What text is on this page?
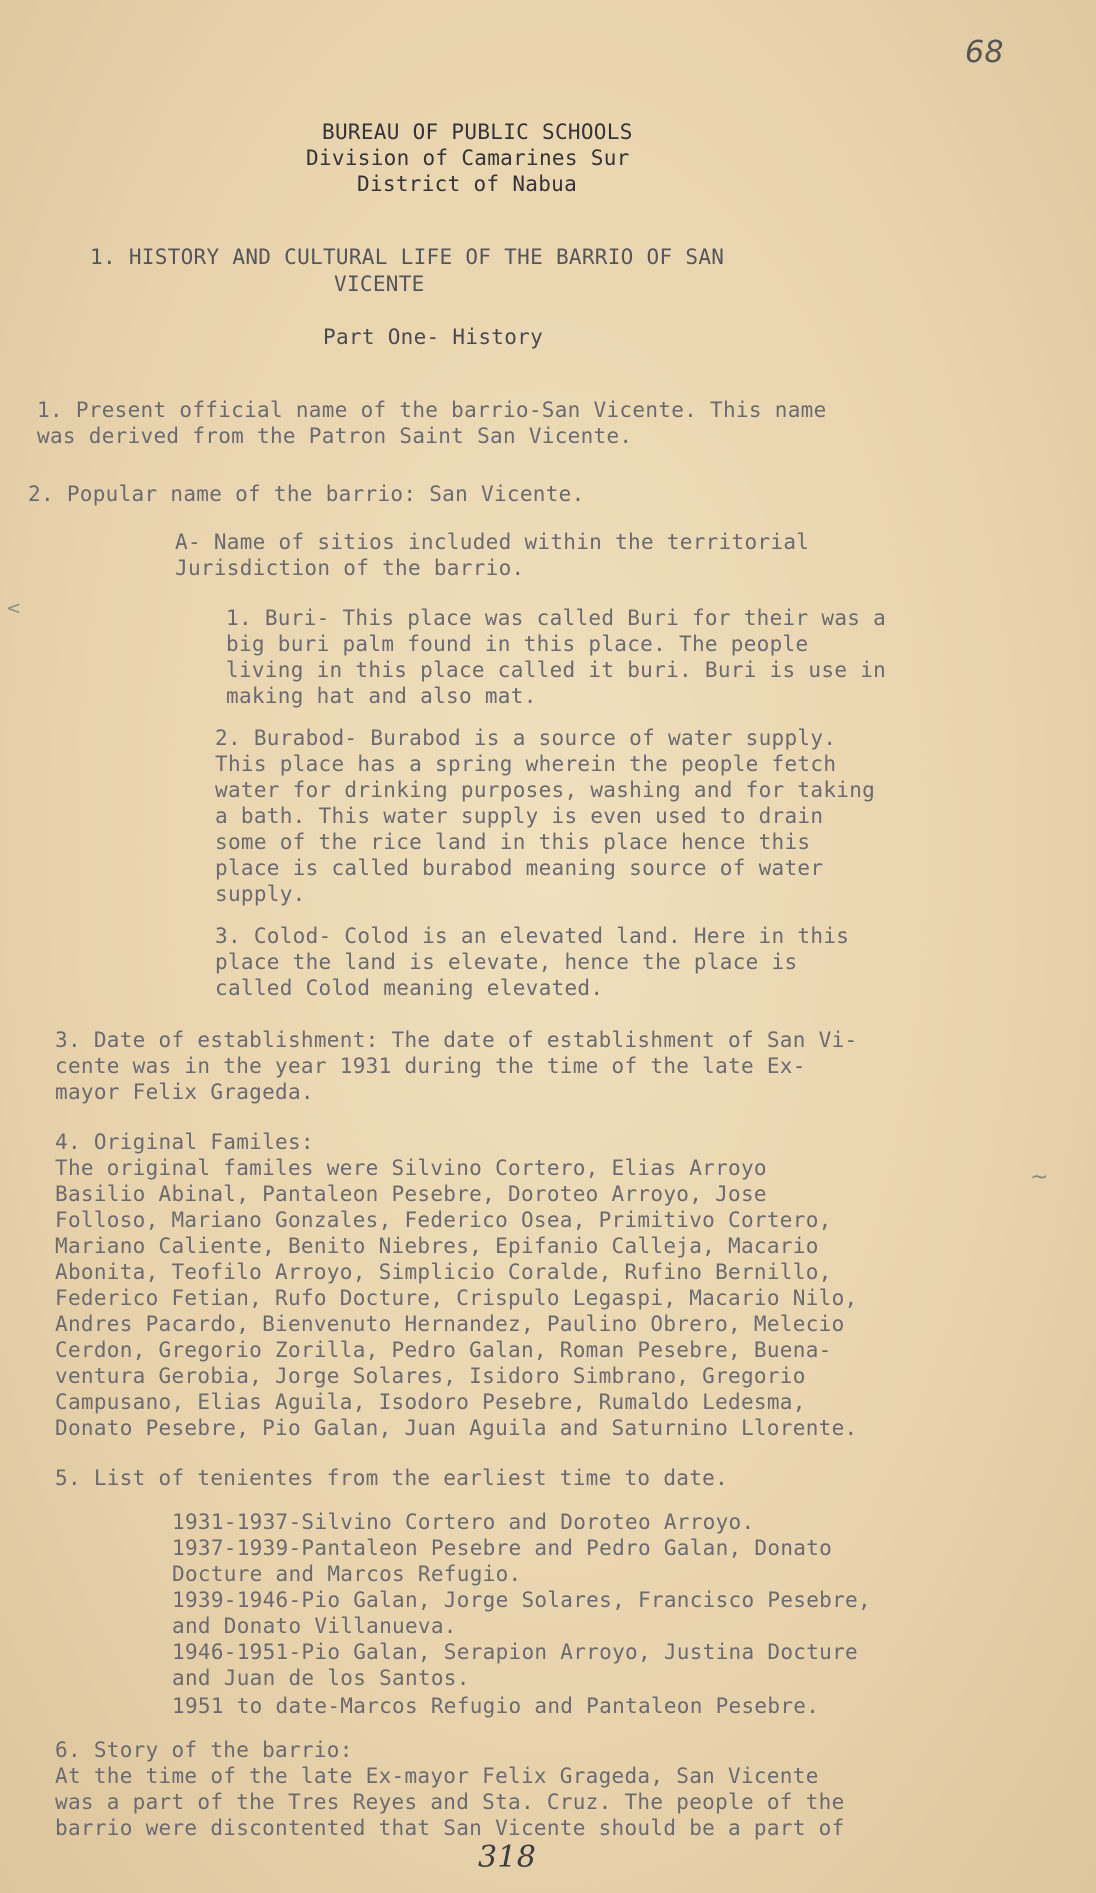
68
BUREAU OF PUBLIC SCHOOLS
Division of Camarines Sur
District of Nabua
1. HISTORY AND CULTURAL LIFE OF THE BARRIO OF SAN
VICENTE
Part One- History
1. Present official name of the barrio-San Vicente. This name
was derived from the Patron Saint San Vicente.
2. Popular name of the barrio: San Vicente.
A- Name of sitios included within the territorial
Jurisdiction of the barrio.
1. Buri- This place was called Buri for their was a
big buri palm found in this place. The people
living in this place called it buri. Buri is use in
making hat and also mat.
2. Burabod- Burabod is a source of water supply.
This place has a spring wherein the people fetch
water for drinking purposes, washing and for taking
a bath. This water supply is even used to drain
some of the rice land in this place hence this
place is called burabod meaning source of water
supply.
3. Colod- Colod is an elevated land. Here in this
place the land is elevate, hence the place is
called Colod meaning elevated.
3. Date of establishment: The date of establishment of San Vi-
cente was in the year 1931 during the time of the late Ex-
mayor Felix Grageda.
4. Original Familes:
The original familes were Silvino Cortero, Elias Arroyo
Basilio Abinal, Pantaleon Pesebre, Doroteo Arroyo, Jose
Folloso, Mariano Gonzales, Federico Osea, Primitivo Cortero,
Mariano Caliente, Benito Niebres, Epifanio Calleja, Macario
Abonita, Teofilo Arroyo, Simplicio Coralde, Rufino Bernillo,
Federico Fetian, Rufo Docture, Crispulo Legaspi, Macario Nilo,
Andres Pacardo, Bienvenuto Hernandez, Paulino Obrero, Melecio
Cerdon, Gregorio Zorilla, Pedro Galan, Roman Pesebre, Buena-
ventura Gerobia, Jorge Solares, Isidoro Simbrano, Gregorio
Campusano, Elias Aguila, Isodoro Pesebre, Rumaldo Ledesma,
Donato Pesebre, Pio Galan, Juan Aguila and Saturnino Llorente.
5. List of tenientes from the earliest time to date.
1931-1937-Silvino Cortero and Doroteo Arroyo.
1937-1939-Pantaleon Pesebre and Pedro Galan, Donato
Docture and Marcos Refugio.
1939-1946-Pio Galan, Jorge Solares, Francisco Pesebre,
and Donato Villanueva.
1946-1951-Pio Galan, Serapion Arroyo, Justina Docture
and Juan de los Santos.
1951 to date-Marcos Refugio and Pantaleon Pesebre.
6. Story of the barrio:
At the time of the late Ex-mayor Felix Grageda, San Vicente
was a part of the Tres Reyes and Sta. Cruz. The people of the
barrio were discontented that San Vicente should be a part of
~
<
318
